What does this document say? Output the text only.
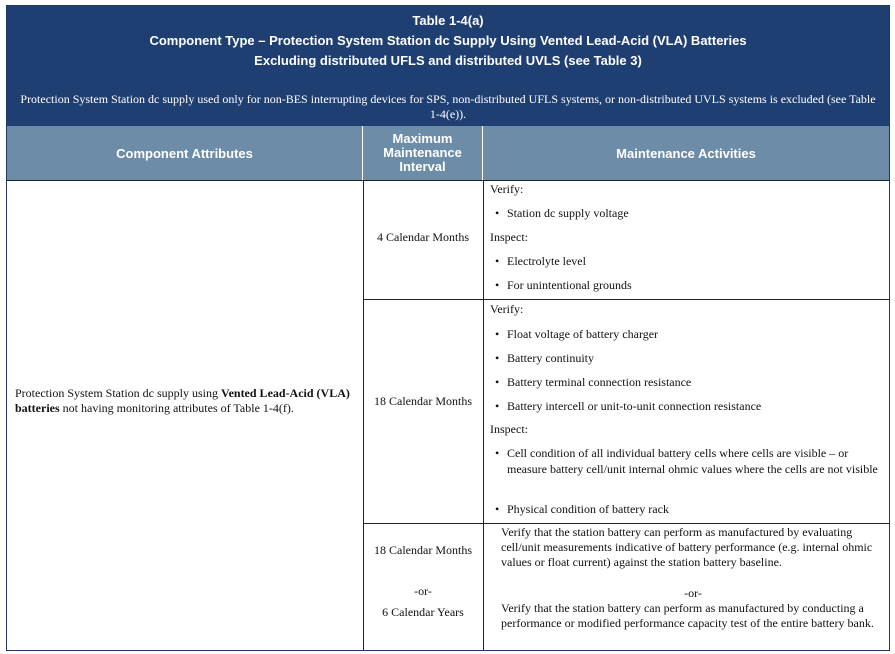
Table 1-4(a)
Component Type – Protection System Station dc Supply Using Vented Lead-Acid (VLA) Batteries
Excluding distributed UFLS and distributed UVLS (see Table 3)
Protection System Station dc supply used only for non-BES interrupting devices for SPS, non-distributed UFLS systems, or non-distributed UVLS systems is excluded (see Table 1-4(e)).
Component Attributes
Maximum Maintenance Interval
Maintenance Activities
Protection System Station dc supply using Vented Lead-Acid (VLA) batteries not having monitoring attributes of Table 1-4(f).
4 Calendar Months
Verify:
• Station dc supply voltage
Inspect:
• Electrolyte level
• For unintentional grounds
18 Calendar Months
Verify:
• Float voltage of battery charger
• Battery continuity
• Battery terminal connection resistance
• Battery intercell or unit-to-unit connection resistance
Inspect:
• Cell condition of all individual battery cells where cells are visible – or measure battery cell/unit internal ohmic values where the cells are not visible
• Physical condition of battery rack
18 Calendar Months
-or-
6 Calendar Years
Verify that the station battery can perform as manufactured by evaluating cell/unit measurements indicative of battery performance (e.g. internal ohmic values or float current) against the station battery baseline.
-or-
Verify that the station battery can perform as manufactured by conducting a performance or modified performance capacity test of the entire battery bank.
